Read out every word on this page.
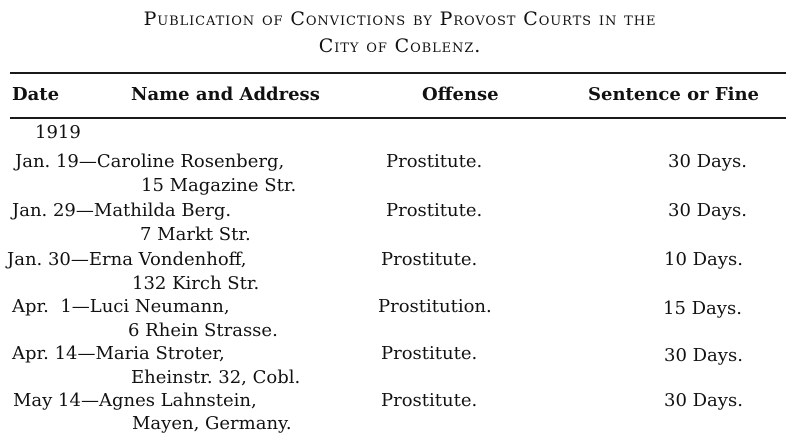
Publication of Convictions by Provost Courts in the
City of Coblenz.
Date	Name and Address	Offense	Sentence or Fine
1919
Jan. 19—Caroline Rosenberg,
15 Magazine Str.
Prostitute.	30 Days.
Jan. 29—Mathilda Berg.
7 Markt Str.
Prostitute.	30 Days.
Jan. 30—Erna Vondenhoff,
132 Kirch Str.
Prostitute.	10 Days.
Apr.  1—Luci Neumann,
6 Rhein Strasse.
Prostitution.	15 Days.
Apr. 14—Maria Stroter,
Eheinstr. 32, Cobl.
Prostitute.	30 Days.
May 14—Agnes Lahnstein,
Mayen, Germany.
Prostitute.	30 Days.
